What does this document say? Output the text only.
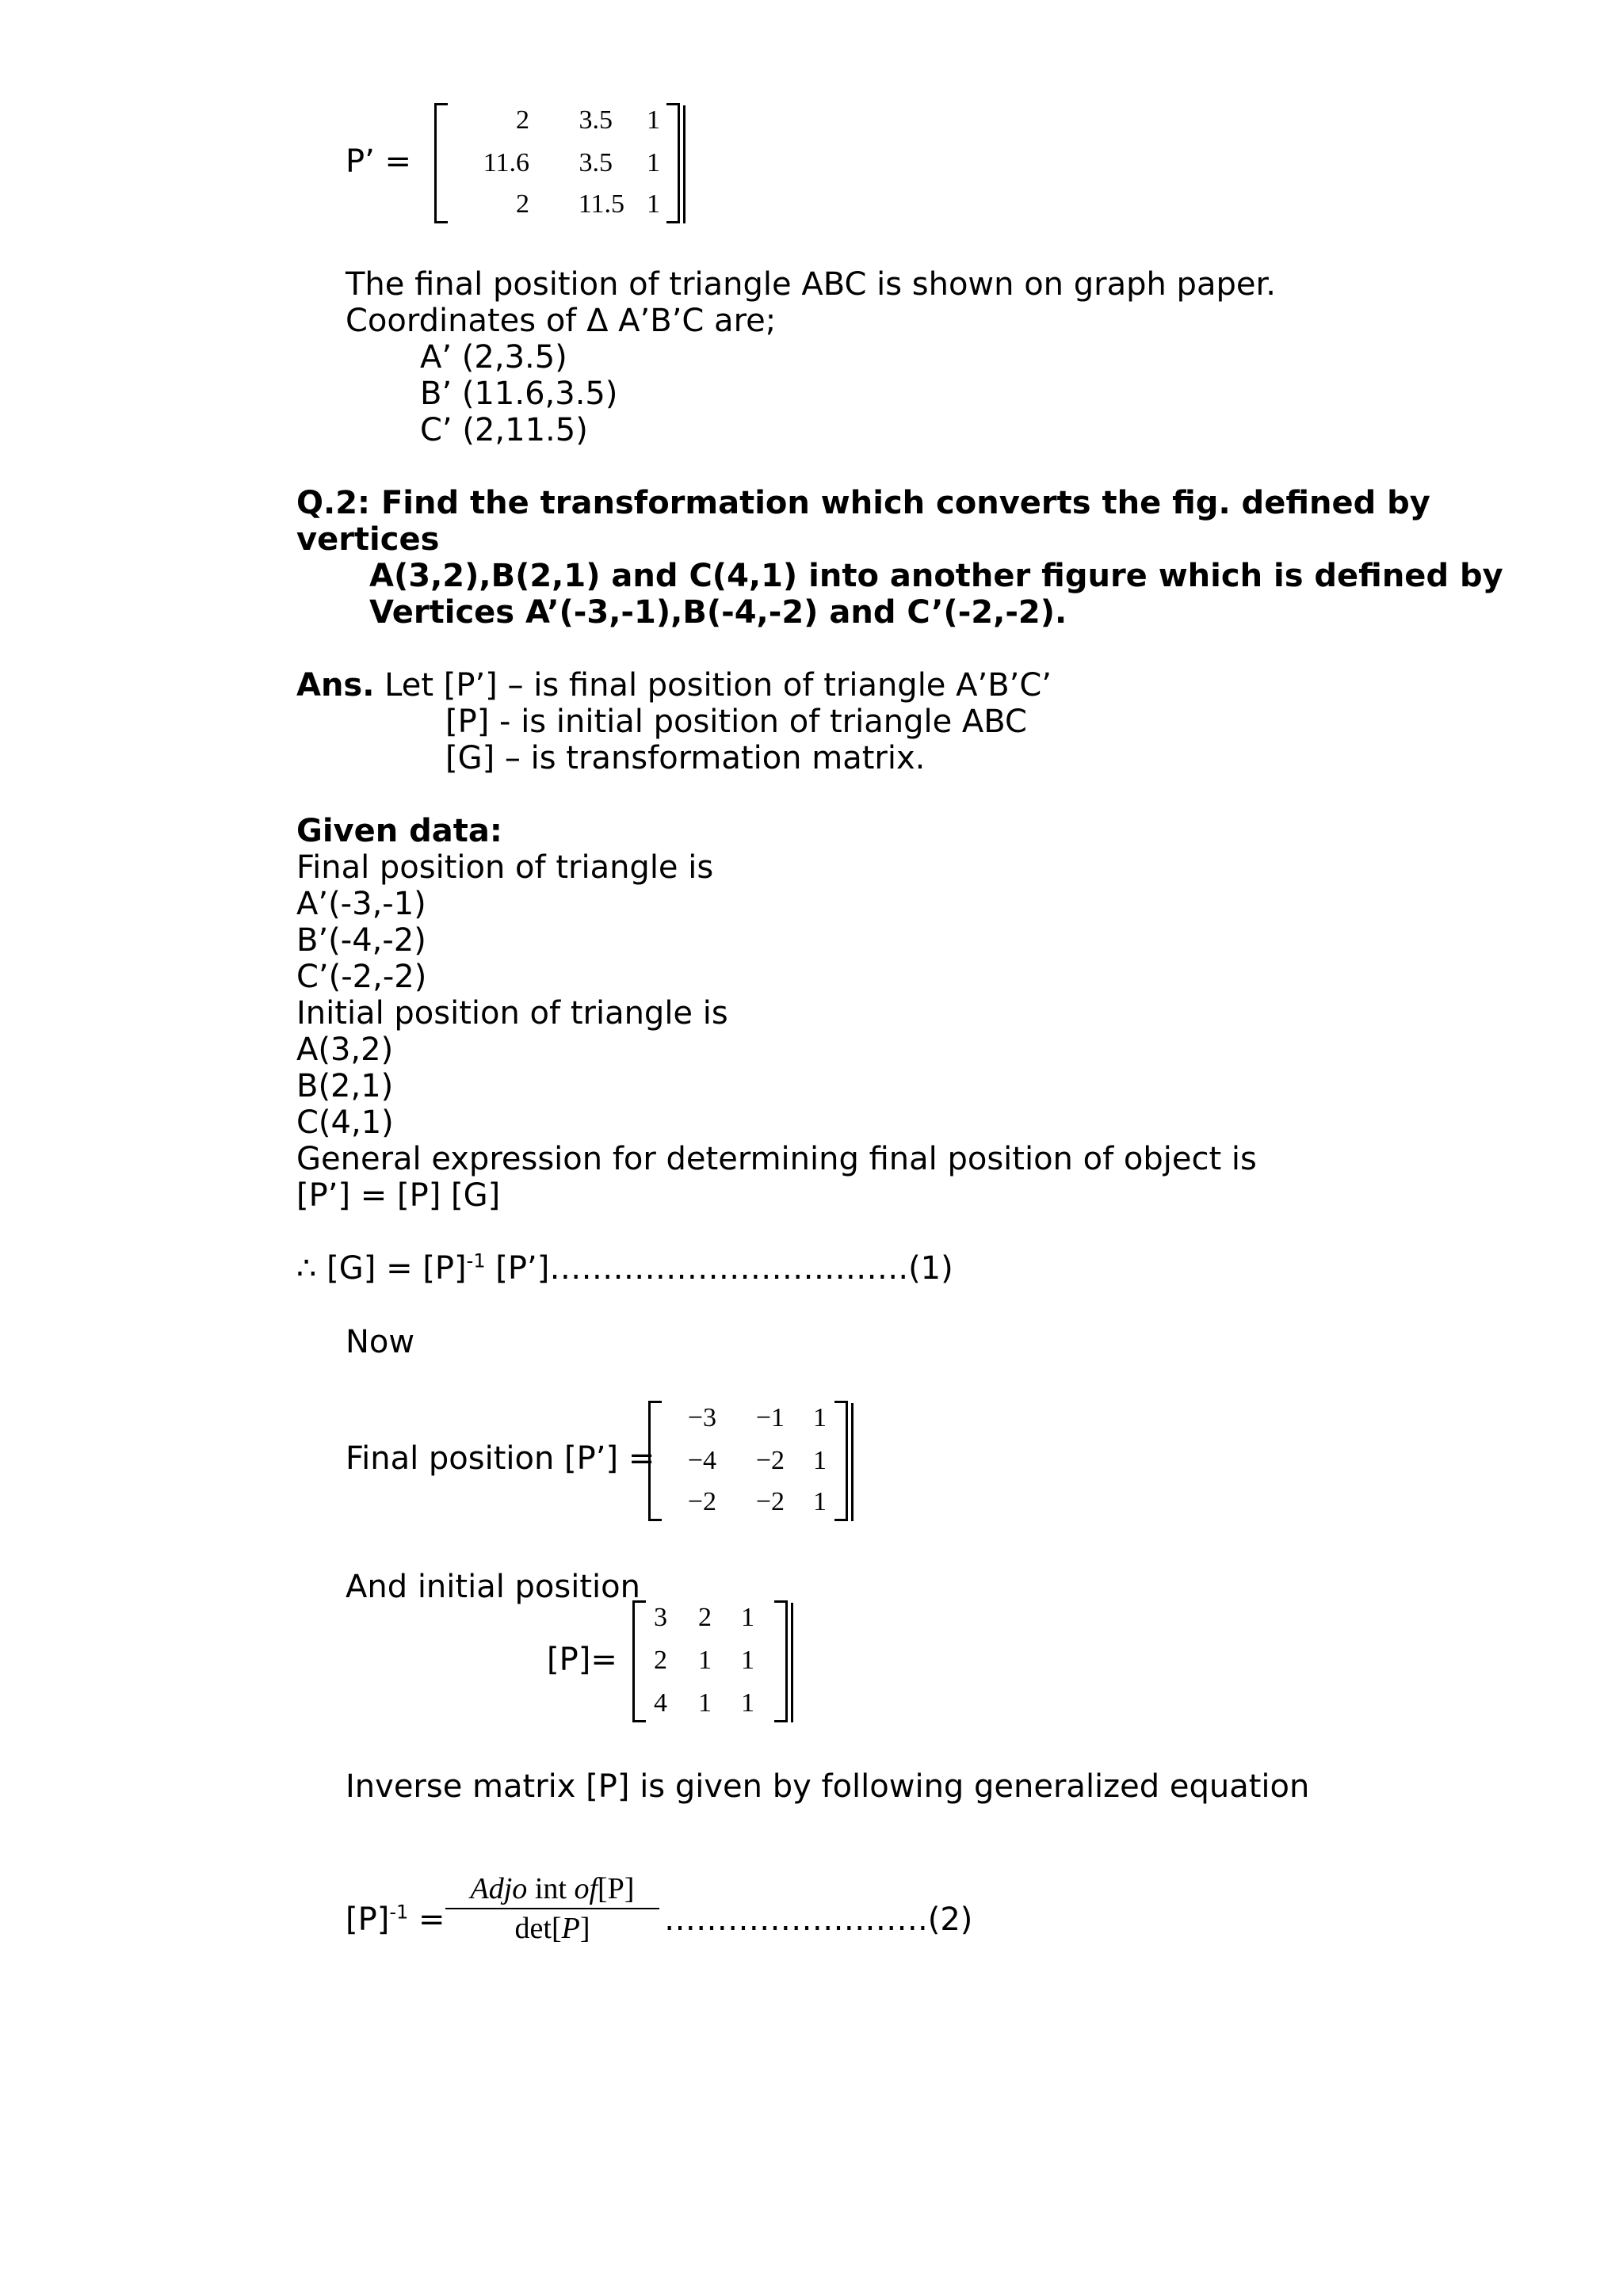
P’ =
2	3.5	1
11.6	3.5	1
2	11.5 1
The final position of triangle ABC is shown on graph paper.
Coordinates of Δ A’B’C are;
A’ (2,3.5)
B’ (11.6,3.5)
C’ (2,11.5)
Q.2: Find the transformation which converts the fig. defined by
vertices
A(3,2),B(2,1) and C(4,1) into another figure which is defined by
Vertices A’(-3,-1),B(-4,-2) and C’(-2,-2).
Ans. Let [P’] – is final position of triangle A’B’C’
[P] - is initial position of triangle ABC
[G] – is transformation matrix.
Given data:
Final position of triangle is
A’(-3,-1)
B’(-4,-2)
C’(-2,-2)
Initial position of triangle is
A(3,2)
B(2,1)
C(4,1)
General expression for determining final position of object is
[P’] = [P] [G]
∴ $[G] = [P]^{-1}$ [P’]…………………………….(1)
Now
Final position [P’] =
−3	−1	1
−4	−2	1
−2	−2	1
And initial position
[P]=
3	2	1
2	1	1
4	1	1
Inverse matrix [P] is given by following generalized equation
$[P]^{-1}$ =
Adjo int of[P]
det[P]	…………………….(2)
